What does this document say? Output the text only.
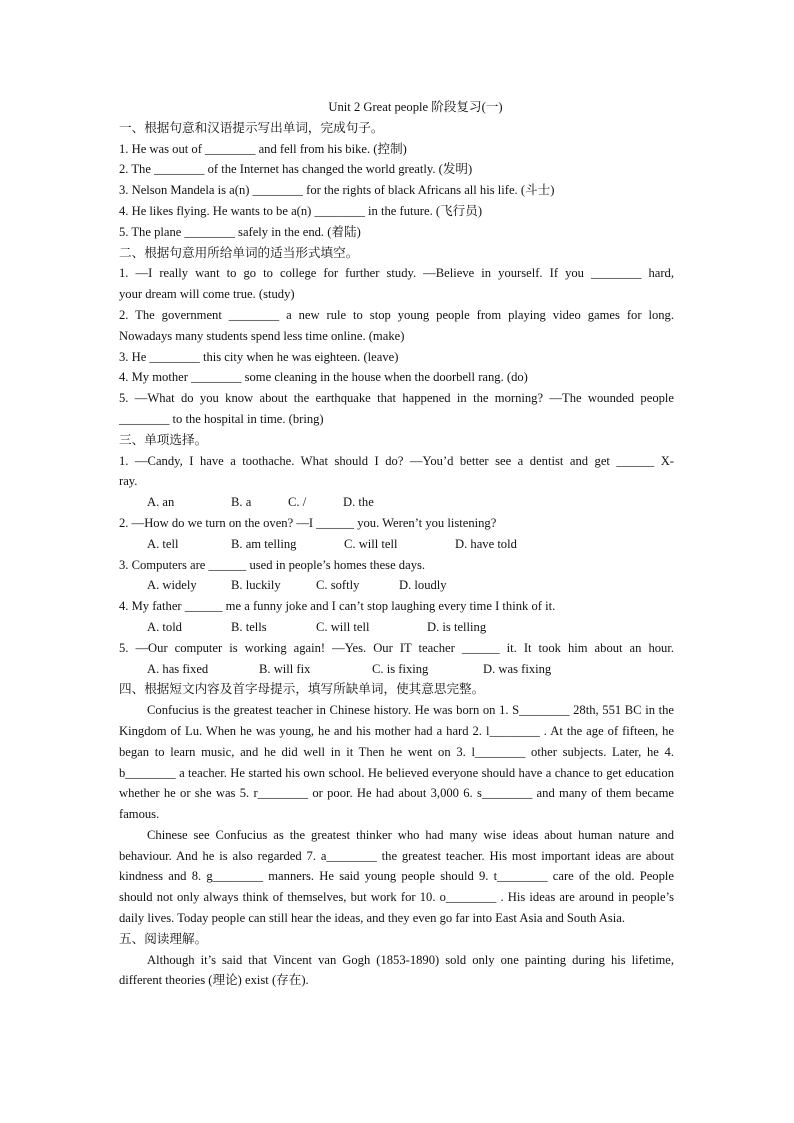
Unit 2 Great people 阶段复习(一)

一、根据句意和汉语提示写出单词，完成句子。

1. He was out of ________ and fell from his bike. (控制)

2. The ________ of the Internet has changed the world greatly. (发明)

3. Nelson Mandela is a(n) ________ for the rights of black Africans all his life. (斗士)

4. He likes flying. He wants to be a(n) ________ in the future. (飞行员)

5. The plane ________ safely in the end. (着陆)

二、根据句意用所给单词的适当形式填空。

1. —I really want to go to college for further study. —Believe in yourself. If you ________ hard,

your dream will come true. (study)

2. The government ________ a new rule to stop young people from playing video games for long.

Nowadays many students spend less time online. (make)

3. He ________ this city when he was eighteen. (leave)

4. My mother ________ some cleaning in the house when the doorbell rang. (do)

5. —What do you know about the earthquake that happened in the morning? —The wounded people

________ to the hospital in time. (bring)

三、单项选择。

1. —Candy, I have a toothache. What should I do? —You’d better see a dentist and get ______ X-

ray.

A. an	B. a	C. /	D. the

2. —How do we turn on the oven? —I ______ you. Weren’t you listening?

A. tell	B. am telling	C. will tell	D. have told

3. Computers are ______ used in people’s homes these days.

A. widely	B. luckily	C. softly	D. loudly

4. My father ______ me a funny joke and I can’t stop laughing every time I think of it.

A. told	B. tells	C. will tell	D. is telling

5. —Our computer is working again! —Yes. Our IT teacher ______ it. It took him about an hour.

A. has fixed	B. will fix	C. is fixing	D. was fixing

四、根据短文内容及首字母提示，填写所缺单词，使其意思完整。

Confucius is the greatest teacher in Chinese history. He was born on 1. S________ 28th, 551 BC in the Kingdom of Lu. When he was young, he and his mother had a hard 2. l________ . At the age of fifteen, he began to learn music, and he did well in it Then he went on 3. l________ other subjects. Later, he 4. b________ a teacher. He started his own school. He believed everyone should have a chance to get education whether he or she was 5. r________ or poor. He had about 3,000 6. s________ and many of them became famous.

Chinese see Confucius as the greatest thinker who had many wise ideas about human nature and behaviour. And he is also regarded 7. a________ the greatest teacher. His most important ideas are about kindness and 8. g________ manners. He said young people should 9. t________ care of the old. People should not only always think of themselves, but work for 10. o________ . His ideas are around in people’s daily lives. Today people can still hear the ideas, and they even go far into East Asia and South Asia.

五、阅读理解。

Although it’s said that Vincent van Gogh (1853-1890) sold only one painting during his lifetime, different theories (理论) exist (存在).
